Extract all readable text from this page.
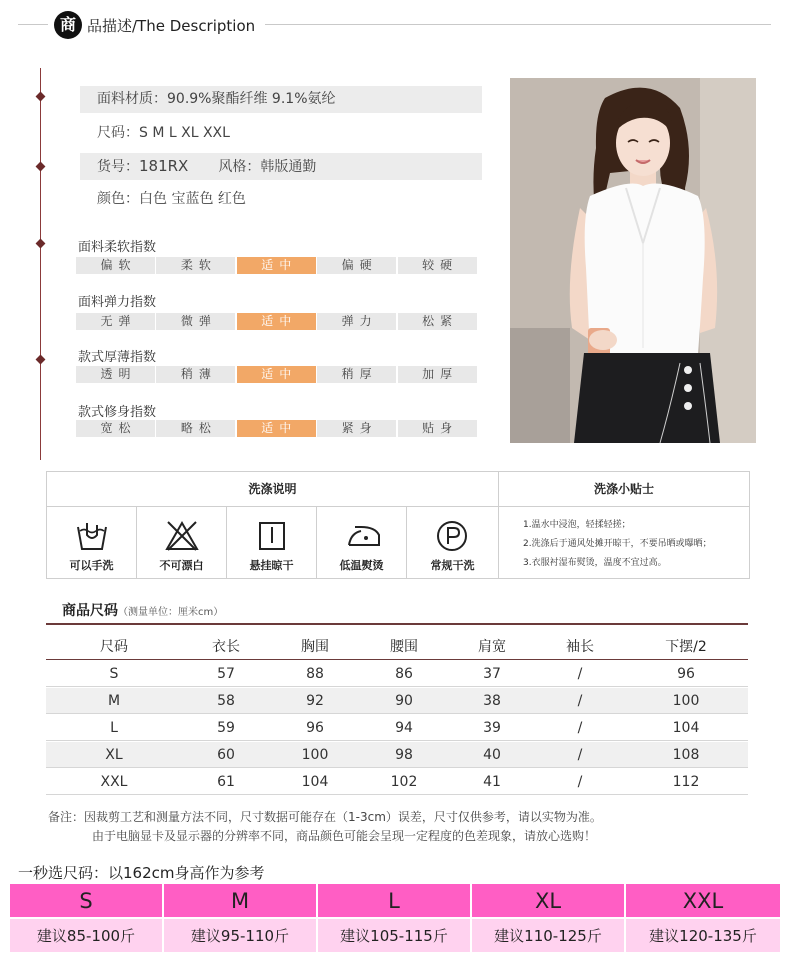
商 品描述/The Description
面料材质：90.9%聚酯纤维 9.1%氨纶
尺码：S M L XL XXL
货号：181RX 风格：韩版通勤
颜色：白色 宝蓝色 红色
面料柔软指数
偏软	柔软	适中	偏硬	较硬
面料弹力指数
无弹	微弹	适中	弹力	松紧
款式厚薄指数
透明	稍薄	适中	稍厚	加厚
款式修身指数
宽松	略松	适中	紧身	贴身
洗涤说明	洗涤小贴士
可以手洗	不可漂白	悬挂晾干	低温熨烫	常规干洗
1.温水中浸泡，轻揉轻搓；
2.洗涤后于通风处摊开晾干，不要吊晒或曝晒；
3.衣服衬湿布熨烫，温度不宜过高。
商品尺码（测量单位：厘米cm）
尺码	衣长	胸围	腰围	肩宽	袖长	下摆/2
S	57	88	86	37	/	96
M	58	92	90	38	/	100
L	59	96	94	39	/	104
XL	60	100	98	40	/	108
XXL	61	104	102	41	/	112
备注：因裁剪工艺和测量方法不同，尺寸数据可能存在（1-3cm）误差，尺寸仅供参考，请以实物为准。
由于电脑显卡及显示器的分辨率不同，商品颜色可能会呈现一定程度的色差现象，请放心选购！
一秒选尺码：以162cm身高作为参考
S	M	L	XL	XXL
建议85-100斤	建议95-110斤	建议105-115斤	建议110-125斤	建议120-135斤
